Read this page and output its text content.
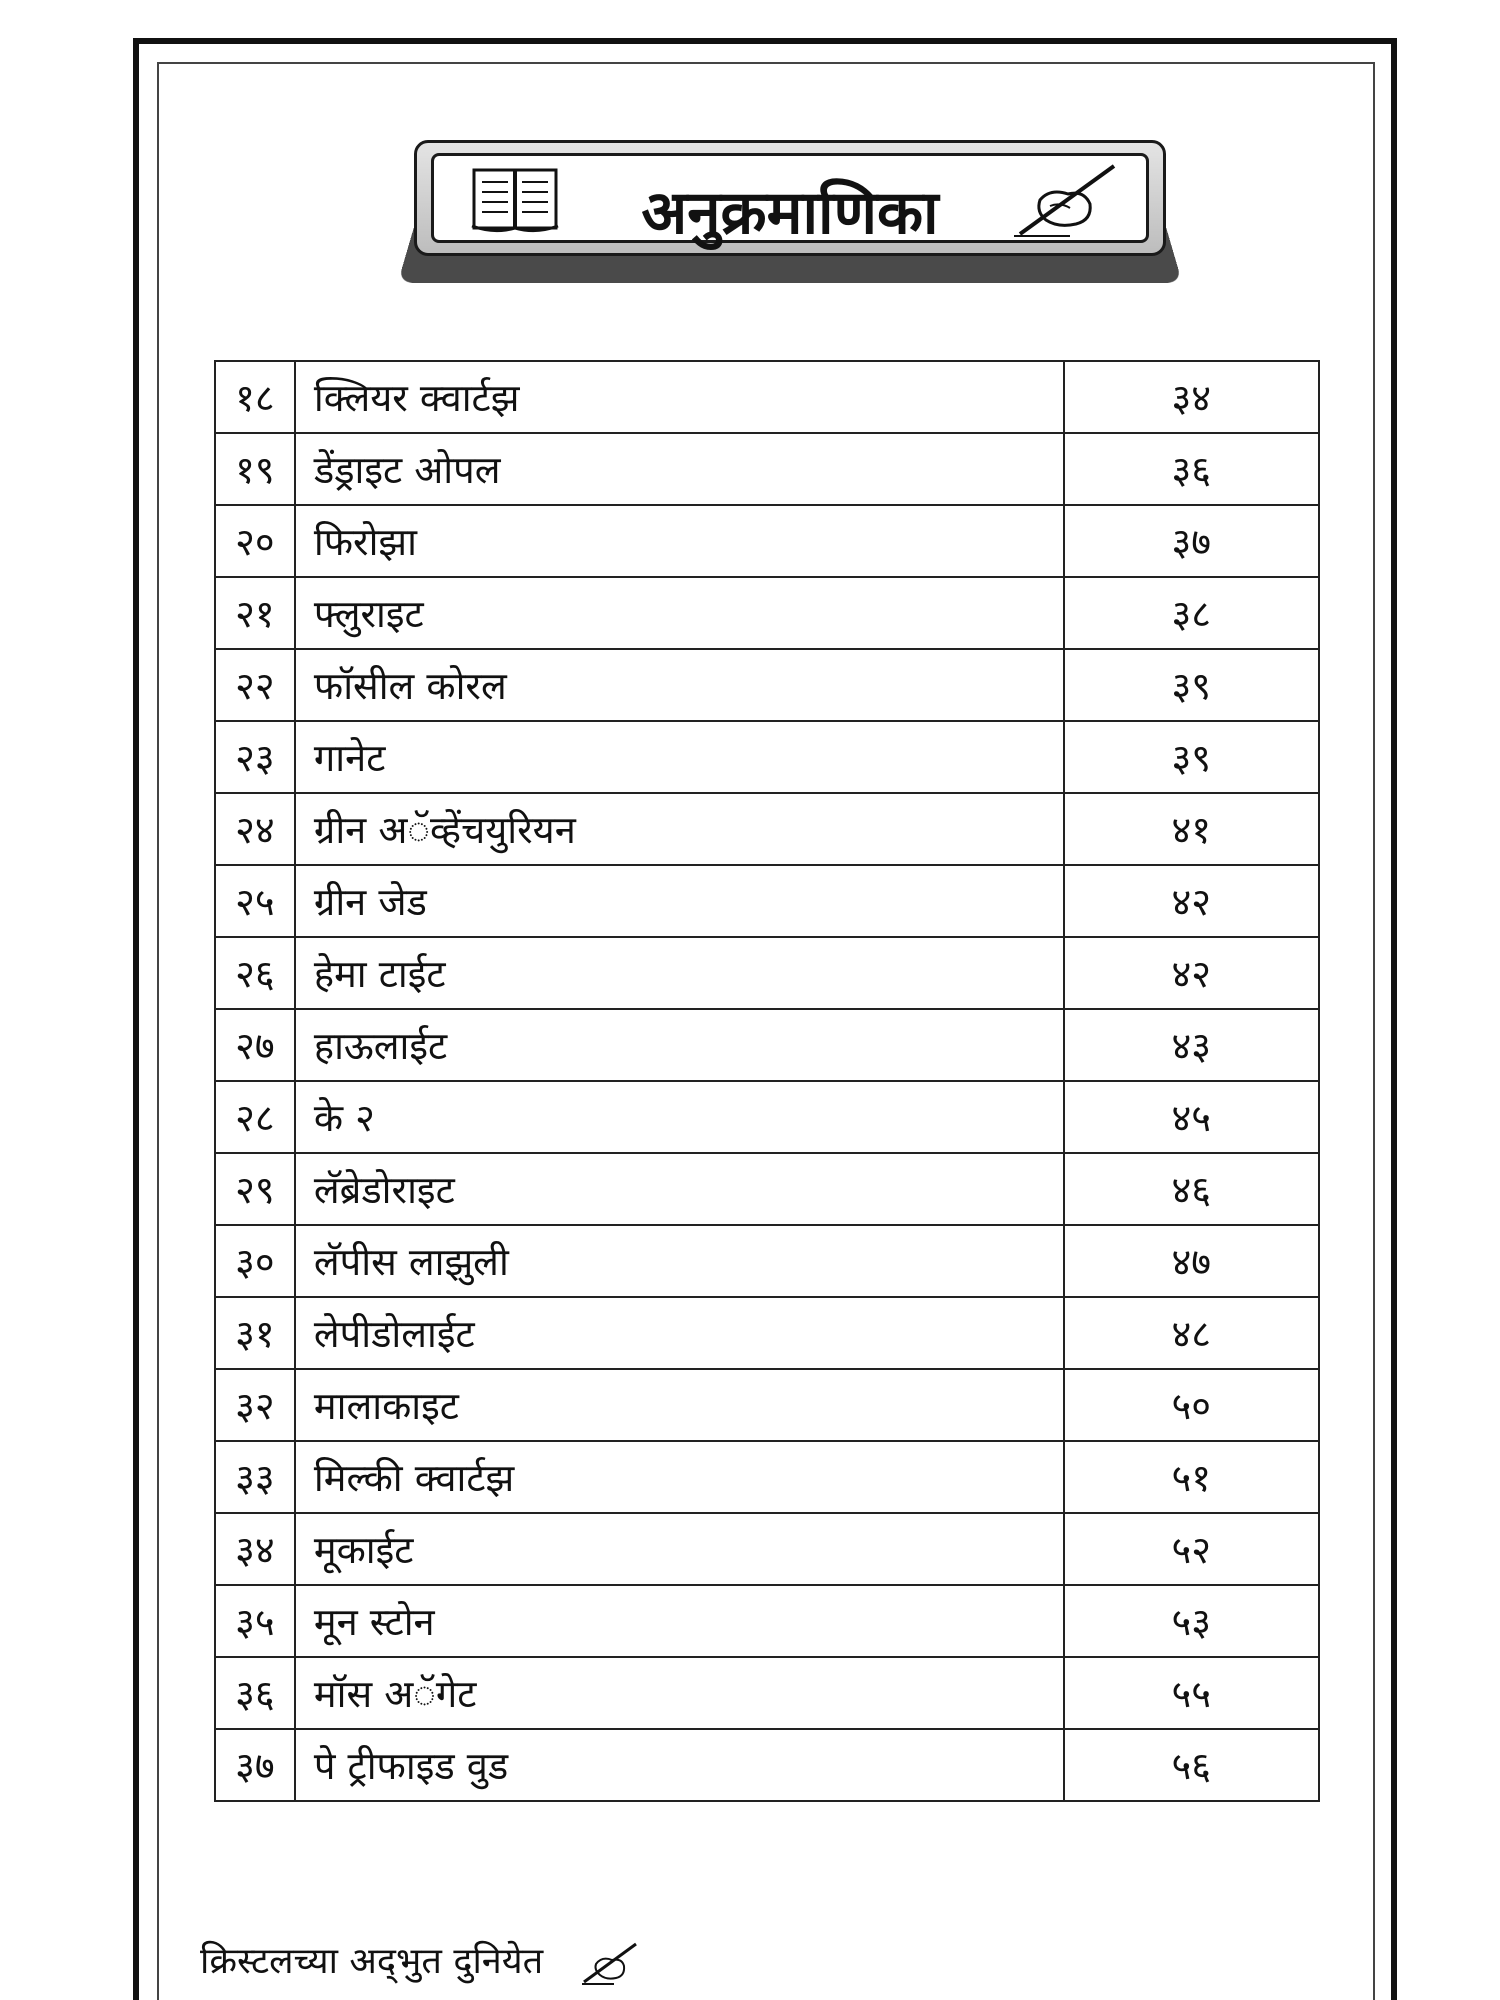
अनुक्रमाणिका
१८	क्लियर क्वार्टझ	३४
१९	डेंड्राइट ओपल	३६
२०	फिरोझा	३७
२१	फ्लुराइट	३८
२२	फॉसील कोरल	३९
२३	गानेट	३९
२४	ग्रीन अॅव्हेंचयुरियन	४१
२५	ग्रीन जेड	४२
२६	हेमा टाईट	४२
२७	हाऊलाईट	४३
२८	के २	४५
२९	लॅब्रेडोराइट	४६
३०	लॅपीस लाझुली	४७
३१	लेपीडोलाईट	४८
३२	मालाकाइट	५०
३३	मिल्की क्वार्टझ	५१
३४	मूकाईट	५२
३५	मून स्टोन	५३
३६	मॉस अॅगेट	५५
३७	पे ट्रीफाइड वुड	५६
क्रिस्टलच्या अद्‌भुत दुनियेत
